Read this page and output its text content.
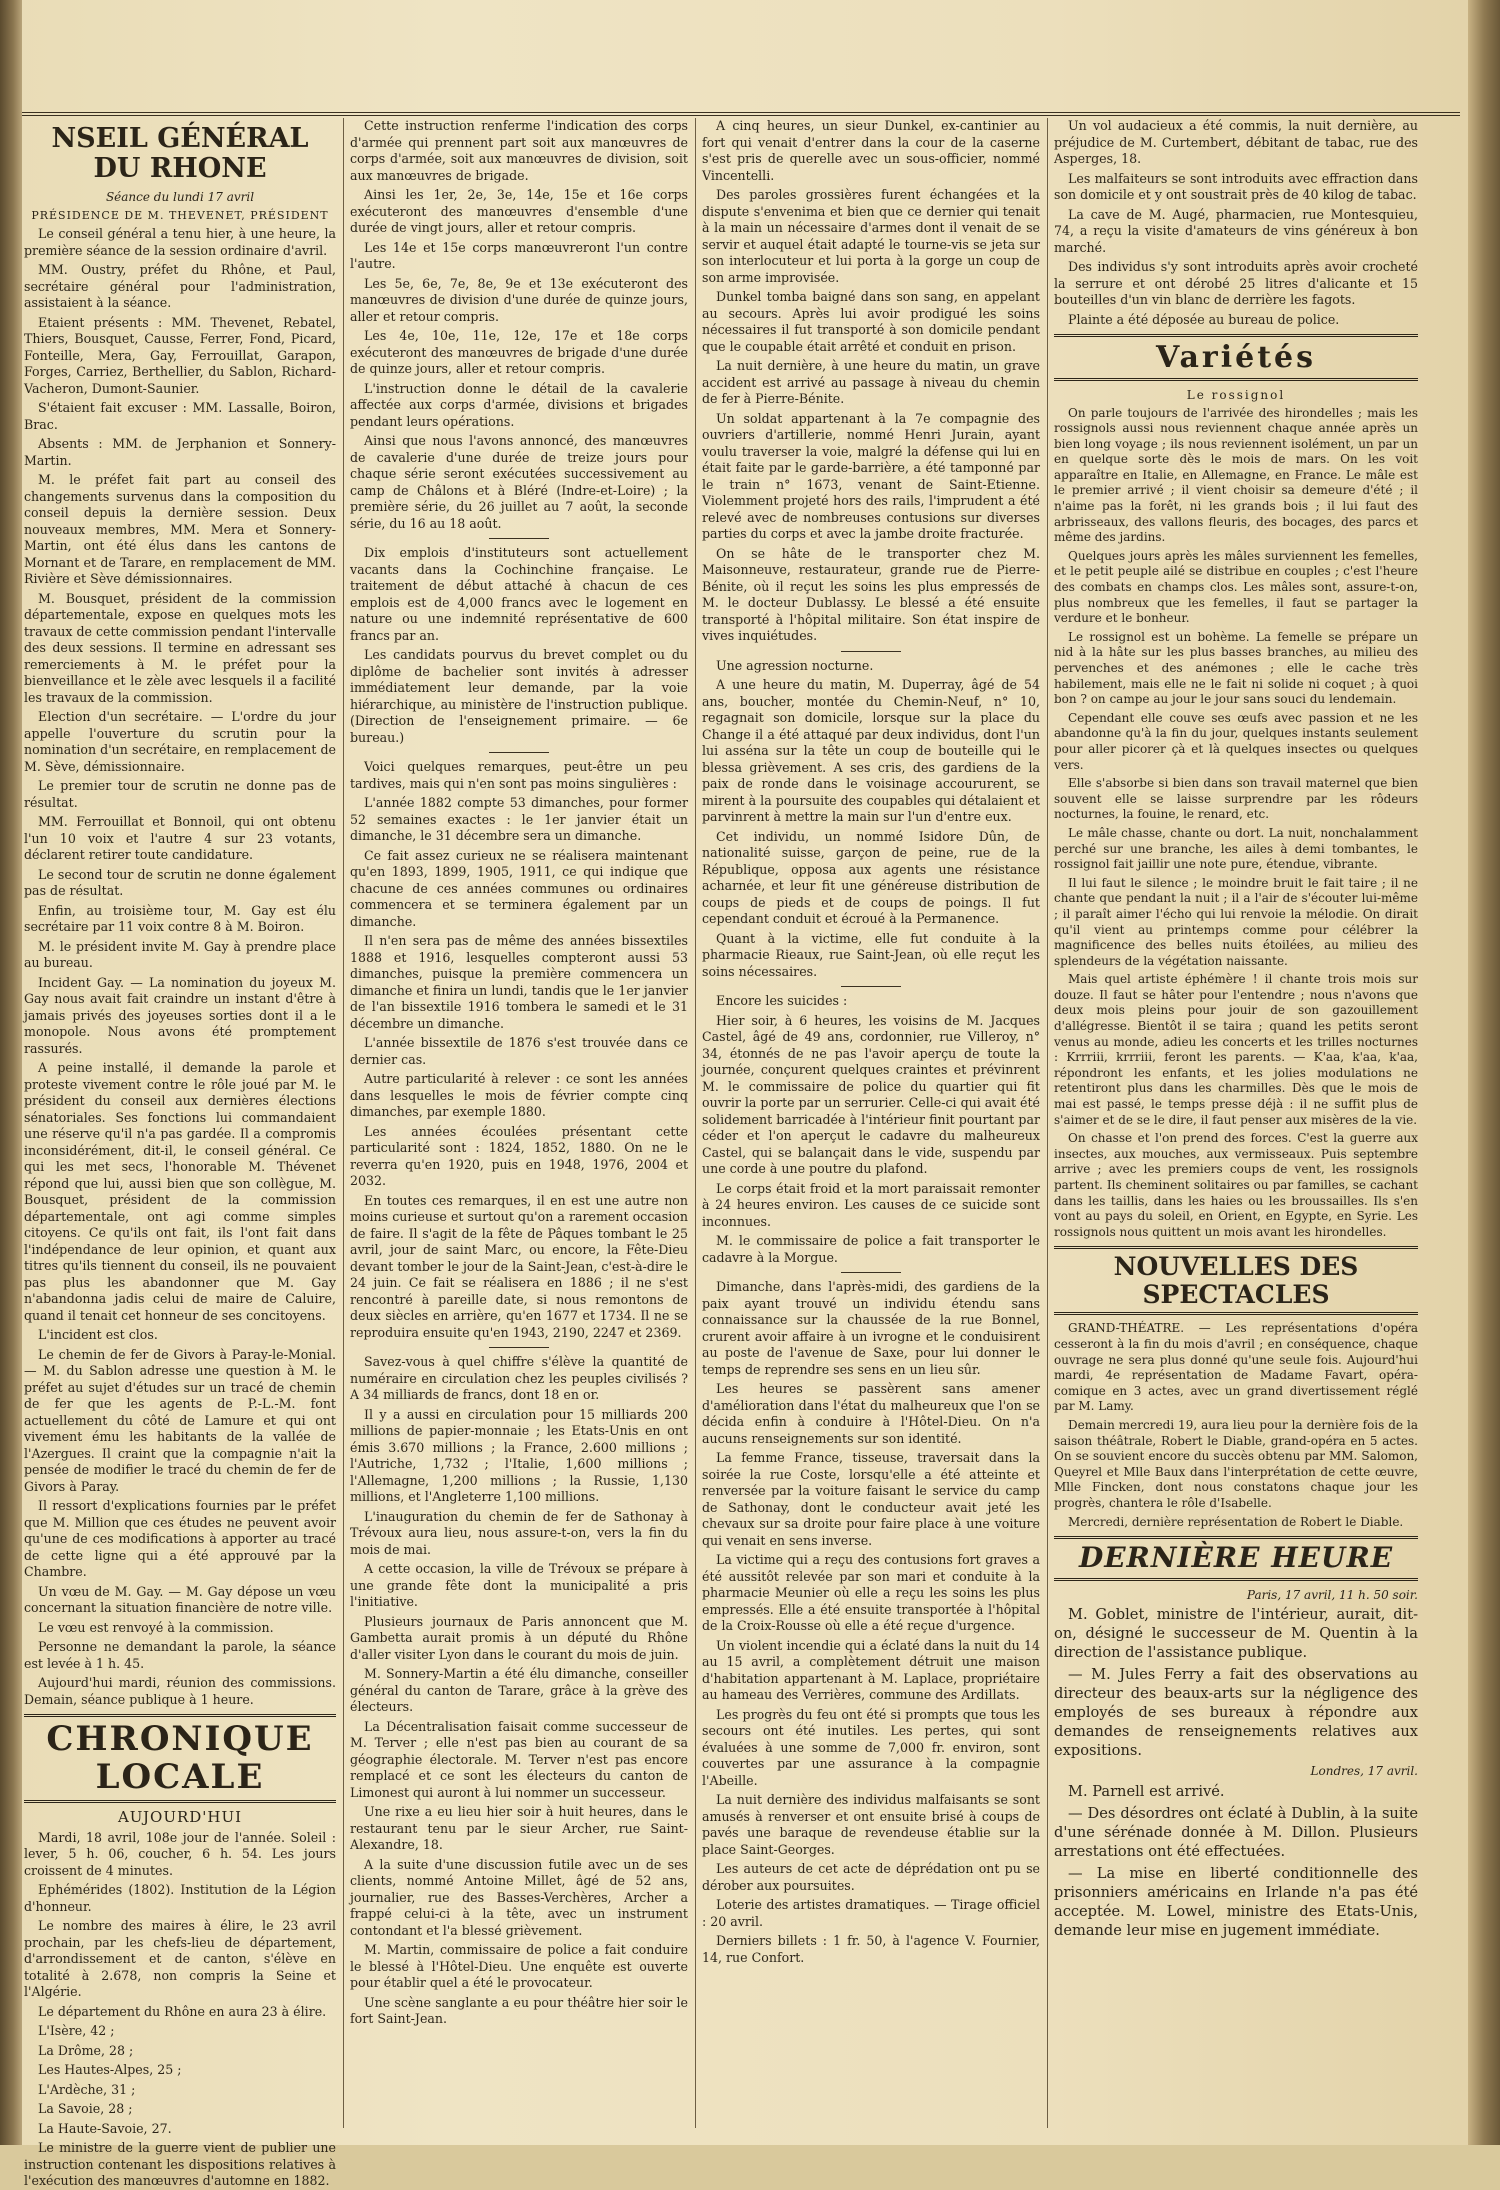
NSEIL GÉNÉRAL DU RHONE
Séance du lundi 17 avril
PRÉSIDENCE DE M. THEVENET, PRÉSIDENT

Le conseil général a tenu hier, à une heure, la première séance de la session ordinaire d'avril.

MM. Oustry, préfet du Rhône, et Paul, secrétaire général pour l'administration, assistaient à la séance.

Etaient présents : MM. Thevenet, Rebatel, Thiers, Bousquet, Causse, Ferrer, Fond, Picard, Fonteille, Mera, Gay, Ferrouillat, Garapon, Forges, Carriez, Berthellier, du Sablon, Richard-Vacheron, Dumont-Saunier.

S'étaient fait excuser : MM. Lassalle, Boiron, Brac.

Absents : MM. de Jerphanion et Sonnery-Martin.

M. le préfet fait part au conseil des changements survenus dans la composition du conseil depuis la dernière session. Deux nouveaux membres, MM. Mera et Sonnery-Martin, ont été élus dans les cantons de Mornant et de Tarare, en remplacement de MM. Rivière et Sève démissionnaires.

M. Bousquet, président de la commission départementale, expose en quelques mots les travaux de cette commission pendant l'intervalle des deux sessions. Il termine en adressant ses remerciements à M. le préfet pour la bienveillance et le zèle avec lesquels il a facilité les travaux de la commission.

Election d'un secrétaire. — L'ordre du jour appelle l'ouverture du scrutin pour la nomination d'un secrétaire, en remplacement de M. Sève, démissionnaire.

Le premier tour de scrutin ne donne pas de résultat.

MM. Ferrouillat et Bonnoil, qui ont obtenu l'un 10 voix et l'autre 4 sur 23 votants, déclarent retirer toute candidature.

Le second tour de scrutin ne donne également pas de résultat.

Enfin, au troisième tour, M. Gay est élu secrétaire par 11 voix contre 8 à M. Boiron.

M. le président invite M. Gay à prendre place au bureau.

Incident Gay. — La nomination du joyeux M. Gay nous avait fait craindre un instant d'être à jamais privés des joyeuses sorties dont il a le monopole. Nous avons été promptement rassurés.

A peine installé, il demande la parole et proteste vivement contre le rôle joué par M. le président du conseil aux dernières élections sénatoriales. Ses fonctions lui commandaient une réserve qu'il n'a pas gardée. Il a compromis inconsidérément, dit-il, le conseil général. Ce qui les met secs, l'honorable M. Thévenet répond que lui, aussi bien que son collègue, M. Bousquet, président de la commission départementale, ont agi comme simples citoyens. Ce qu'ils ont fait, ils l'ont fait dans l'indépendance de leur opinion, et quant aux titres qu'ils tiennent du conseil, ils ne pouvaient pas plus les abandonner que M. Gay n'abandonna jadis celui de maire de Caluire, quand il tenait cet honneur de ses concitoyens.

L'incident est clos.

Le chemin de fer de Givors à Paray-le-Monial. — M. du Sablon adresse une question à M. le préfet au sujet d'études sur un tracé de chemin de fer que les agents de P.-L.-M. font actuellement du côté de Lamure et qui ont vivement ému les habitants de la vallée de l'Azergues. Il craint que la compagnie n'ait la pensée de modifier le tracé du chemin de fer de Givors à Paray.

Il ressort d'explications fournies par le préfet que M. Million que ces études ne peuvent avoir qu'une de ces modifications à apporter au tracé de cette ligne qui a été approuvé par la Chambre.

Un vœu de M. Gay. — M. Gay dépose un vœu concernant la situation financière de notre ville.

Le vœu est renvoyé à la commission.

Personne ne demandant la parole, la séance est levée à 1 h. 45.

Aujourd'hui mardi, réunion des commissions. Demain, séance publique à 1 heure.

CHRONIQUE LOCALE
AUJOURD'HUI

Mardi, 18 avril, 108e jour de l'année. Soleil : lever, 5 h. 06, coucher, 6 h. 54. Les jours croissent de 4 minutes.

Ephémérides (1802). Institution de la Légion d'honneur.

Le nombre des maires à élire, le 23 avril prochain, par les chefs-lieu de département, d'arrondissement et de canton, s'élève en totalité à 2.678, non compris la Seine et l'Algérie.

Le département du Rhône en aura 23 à élire.

L'Isère, 42 ;

La Drôme, 28 ;

Les Hautes-Alpes, 25 ;

L'Ardèche, 31 ;

La Savoie, 28 ;

La Haute-Savoie, 27.

Le ministre de la guerre vient de publier une instruction contenant les dispositions relatives à l'exécution des manœuvres d'automne en 1882.

Cette instruction renferme l'indication des corps d'armée qui prennent part soit aux manœuvres de corps d'armée, soit aux manœuvres de division, soit aux manœuvres de brigade.

Ainsi les 1er, 2e, 3e, 14e, 15e et 16e corps exécuteront des manœuvres d'ensemble d'une durée de vingt jours, aller et retour compris.

Les 14e et 15e corps manœuvreront l'un contre l'autre.

Les 5e, 6e, 7e, 8e, 9e et 13e exécuteront des manœuvres de division d'une durée de quinze jours, aller et retour compris.

Les 4e, 10e, 11e, 12e, 17e et 18e corps exécuteront des manœuvres de brigade d'une durée de quinze jours, aller et retour compris.

L'instruction donne le détail de la cavalerie affectée aux corps d'armée, divisions et brigades pendant leurs opérations.

Ainsi que nous l'avons annoncé, des manœuvres de cavalerie d'une durée de treize jours pour chaque série seront exécutées successivement au camp de Châlons et à Bléré (Indre-et-Loire) ; la première série, du 26 juillet au 7 août, la seconde série, du 16 au 18 août.

Dix emplois d'instituteurs sont actuellement vacants dans la Cochinchine française. Le traitement de début attaché à chacun de ces emplois est de 4,000 francs avec le logement en nature ou une indemnité représentative de 600 francs par an.

Les candidats pourvus du brevet complet ou du diplôme de bachelier sont invités à adresser immédiatement leur demande, par la voie hiérarchique, au ministère de l'instruction publique. (Direction de l'enseignement primaire. — 6e bureau.)

Voici quelques remarques, peut-être un peu tardives, mais qui n'en sont pas moins singulières :

L'année 1882 compte 53 dimanches, pour former 52 semaines exactes : le 1er janvier était un dimanche, le 31 décembre sera un dimanche.

Ce fait assez curieux ne se réalisera maintenant qu'en 1893, 1899, 1905, 1911, ce qui indique que chacune de ces années communes ou ordinaires commencera et se terminera également par un dimanche.

Il n'en sera pas de même des années bissextiles 1888 et 1916, lesquelles compteront aussi 53 dimanches, puisque la première commencera un dimanche et finira un lundi, tandis que le 1er janvier de l'an bissextile 1916 tombera le samedi et le 31 décembre un dimanche.

L'année bissextile de 1876 s'est trouvée dans ce dernier cas.

Autre particularité à relever : ce sont les années dans lesquelles le mois de février compte cinq dimanches, par exemple 1880.

Les années écoulées présentant cette particularité sont : 1824, 1852, 1880. On ne le reverra qu'en 1920, puis en 1948, 1976, 2004 et 2032.

En toutes ces remarques, il en est une autre non moins curieuse et surtout qu'on a rarement occasion de faire. Il s'agit de la fête de Pâques tombant le 25 avril, jour de saint Marc, ou encore, la Fête-Dieu devant tomber le jour de la Saint-Jean, c'est-à-dire le 24 juin. Ce fait se réalisera en 1886 ; il ne s'est rencontré à pareille date, si nous remontons de deux siècles en arrière, qu'en 1677 et 1734. Il ne se reproduira ensuite qu'en 1943, 2190, 2247 et 2369.

Savez-vous à quel chiffre s'élève la quantité de numéraire en circulation chez les peuples civilisés ? A 34 milliards de francs, dont 18 en or.

Il y a aussi en circulation pour 15 milliards 200 millions de papier-monnaie ; les Etats-Unis en ont émis 3.670 millions ; la France, 2.600 millions ; l'Autriche, 1,732 ; l'Italie, 1,600 millions ; l'Allemagne, 1,200 millions ; la Russie, 1,130 millions, et l'Angleterre 1,100 millions.

L'inauguration du chemin de fer de Sathonay à Trévoux aura lieu, nous assure-t-on, vers la fin du mois de mai.

A cette occasion, la ville de Trévoux se prépare à une grande fête dont la municipalité a pris l'initiative.

Plusieurs journaux de Paris annoncent que M. Gambetta aurait promis à un député du Rhône d'aller visiter Lyon dans le courant du mois de juin.

M. Sonnery-Martin a été élu dimanche, conseiller général du canton de Tarare, grâce à la grève des électeurs.

La Décentralisation faisait comme successeur de M. Terver ; elle n'est pas bien au courant de sa géographie électorale. M. Terver n'est pas encore remplacé et ce sont les électeurs du canton de Limonest qui auront à lui nommer un successeur.

Une rixe a eu lieu hier soir à huit heures, dans le restaurant tenu par le sieur Archer, rue Saint-Alexandre, 18.

A la suite d'une discussion futile avec un de ses clients, nommé Antoine Millet, âgé de 52 ans, journalier, rue des Basses-Verchères, Archer a frappé celui-ci à la tête, avec un instrument contondant et l'a blessé grièvement.

M. Martin, commissaire de police a fait conduire le blessé à l'Hôtel-Dieu. Une enquête est ouverte pour établir quel a été le provocateur.

Une scène sanglante a eu pour théâtre hier soir le fort Saint-Jean.

A cinq heures, un sieur Dunkel, ex-cantinier au fort qui venait d'entrer dans la cour de la caserne s'est pris de querelle avec un sous-officier, nommé Vincentelli.

Des paroles grossières furent échangées et la dispute s'envenima et bien que ce dernier qui tenait à la main un nécessaire d'armes dont il venait de se servir et auquel était adapté le tourne-vis se jeta sur son interlocuteur et lui porta à la gorge un coup de son arme improvisée.

Dunkel tomba baigné dans son sang, en appelant au secours. Après lui avoir prodigué les soins nécessaires il fut transporté à son domicile pendant que le coupable était arrêté et conduit en prison.

La nuit dernière, à une heure du matin, un grave accident est arrivé au passage à niveau du chemin de fer à Pierre-Bénite.

Un soldat appartenant à la 7e compagnie des ouvriers d'artillerie, nommé Henri Jurain, ayant voulu traverser la voie, malgré la défense qui lui en était faite par le garde-barrière, a été tamponné par le train n° 1673, venant de Saint-Etienne. Violemment projeté hors des rails, l'imprudent a été relevé avec de nombreuses contusions sur diverses parties du corps et avec la jambe droite fracturée.

On se hâte de le transporter chez M. Maisonneuve, restaurateur, grande rue de Pierre-Bénite, où il reçut les soins les plus empressés de M. le docteur Dublassy. Le blessé a été ensuite transporté à l'hôpital militaire. Son état inspire de vives inquiétudes.

Une agression nocturne.

A une heure du matin, M. Duperray, âgé de 54 ans, boucher, montée du Chemin-Neuf, n° 10, regagnait son domicile, lorsque sur la place du Change il a été attaqué par deux individus, dont l'un lui asséna sur la tête un coup de bouteille qui le blessa grièvement. A ses cris, des gardiens de la paix de ronde dans le voisinage accoururent, se mirent à la poursuite des coupables qui détalaient et parvinrent à mettre la main sur l'un d'entre eux.

Cet individu, un nommé Isidore Dûn, de nationalité suisse, garçon de peine, rue de la République, opposa aux agents une résistance acharnée, et leur fit une généreuse distribution de coups de pieds et de coups de poings. Il fut cependant conduit et écroué à la Permanence.

Quant à la victime, elle fut conduite à la pharmacie Rieaux, rue Saint-Jean, où elle reçut les soins nécessaires.

Encore les suicides :

Hier soir, à 6 heures, les voisins de M. Jacques Castel, âgé de 49 ans, cordonnier, rue Villeroy, n° 34, étonnés de ne pas l'avoir aperçu de toute la journée, conçurent quelques craintes et prévinrent M. le commissaire de police du quartier qui fit ouvrir la porte par un serrurier. Celle-ci qui avait été solidement barricadée à l'intérieur finit pourtant par céder et l'on aperçut le cadavre du malheureux Castel, qui se balançait dans le vide, suspendu par une corde à une poutre du plafond.

Le corps était froid et la mort paraissait remonter à 24 heures environ. Les causes de ce suicide sont inconnues.

M. le commissaire de police a fait transporter le cadavre à la Morgue.

Dimanche, dans l'après-midi, des gardiens de la paix ayant trouvé un individu étendu sans connaissance sur la chaussée de la rue Bonnel, crurent avoir affaire à un ivrogne et le conduisirent au poste de l'avenue de Saxe, pour lui donner le temps de reprendre ses sens en un lieu sûr.

Les heures se passèrent sans amener d'amélioration dans l'état du malheureux que l'on se décida enfin à conduire à l'Hôtel-Dieu. On n'a aucuns renseignements sur son identité.

La femme France, tisseuse, traversait dans la soirée la rue Coste, lorsqu'elle a été atteinte et renversée par la voiture faisant le service du camp de Sathonay, dont le conducteur avait jeté les chevaux sur sa droite pour faire place à une voiture qui venait en sens inverse.

La victime qui a reçu des contusions fort graves a été aussitôt relevée par son mari et conduite à la pharmacie Meunier où elle a reçu les soins les plus empressés. Elle a été ensuite transportée à l'hôpital de la Croix-Rousse où elle a été reçue d'urgence.

Un violent incendie qui a éclaté dans la nuit du 14 au 15 avril, a complètement détruit une maison d'habitation appartenant à M. Laplace, propriétaire au hameau des Verrières, commune des Ardillats.

Les progrès du feu ont été si prompts que tous les secours ont été inutiles. Les pertes, qui sont évaluées à une somme de 7,000 fr. environ, sont couvertes par une assurance à la compagnie l'Abeille.

La nuit dernière des individus malfaisants se sont amusés à renverser et ont ensuite brisé à coups de pavés une baraque de revendeuse établie sur la place Saint-Georges.

Les auteurs de cet acte de déprédation ont pu se dérober aux poursuites.

Loterie des artistes dramatiques. — Tirage officiel : 20 avril.

Derniers billets : 1 fr. 50, à l'agence V. Fournier, 14, rue Confort.

Un vol audacieux a été commis, la nuit dernière, au préjudice de M. Curtembert, débitant de tabac, rue des Asperges, 18.

Les malfaiteurs se sont introduits avec effraction dans son domicile et y ont soustrait près de 40 kilog de tabac.

La cave de M. Augé, pharmacien, rue Montesquieu, 74, a reçu la visite d'amateurs de vins généreux à bon marché.

Des individus s'y sont introduits après avoir crocheté la serrure et ont dérobé 25 litres d'alicante et 15 bouteilles d'un vin blanc de derrière les fagots.

Plainte a été déposée au bureau de police.

Variétés
Le rossignol

On parle toujours de l'arrivée des hirondelles ; mais les rossignols aussi nous reviennent chaque année après un bien long voyage ; ils nous reviennent isolément, un par un en quelque sorte dès le mois de mars. On les voit apparaître en Italie, en Allemagne, en France. Le mâle est le premier arrivé ; il vient choisir sa demeure d'été ; il n'aime pas la forêt, ni les grands bois ; il lui faut des arbrisseaux, des vallons fleuris, des bocages, des parcs et même des jardins.

Quelques jours après les mâles surviennent les femelles, et le petit peuple ailé se distribue en couples ; c'est l'heure des combats en champs clos. Les mâles sont, assure-t-on, plus nombreux que les femelles, il faut se partager la verdure et le bonheur.

Le rossignol est un bohème. La femelle se prépare un nid à la hâte sur les plus basses branches, au milieu des pervenches et des anémones ; elle le cache très habilement, mais elle ne le fait ni solide ni coquet ; à quoi bon ? on campe au jour le jour sans souci du lendemain.

Cependant elle couve ses œufs avec passion et ne les abandonne qu'à la fin du jour, quelques instants seulement pour aller picorer çà et là quelques insectes ou quelques vers.

Elle s'absorbe si bien dans son travail maternel que bien souvent elle se laisse surprendre par les rôdeurs nocturnes, la fouine, le renard, etc.

Le mâle chasse, chante ou dort. La nuit, nonchalamment perché sur une branche, les ailes à demi tombantes, le rossignol fait jaillir une note pure, étendue, vibrante.

Il lui faut le silence ; le moindre bruit le fait taire ; il ne chante que pendant la nuit ; il a l'air de s'écouter lui-même ; il paraît aimer l'écho qui lui renvoie la mélodie. On dirait qu'il vient au printemps comme pour célébrer la magnificence des belles nuits étoilées, au milieu des splendeurs de la végétation naissante.

Mais quel artiste éphémère ! il chante trois mois sur douze. Il faut se hâter pour l'entendre ; nous n'avons que deux mois pleins pour jouir de son gazouillement d'allégresse. Bientôt il se taira ; quand les petits seront venus au monde, adieu les concerts et les trilles nocturnes : Krrriii, krrriii, feront les parents. — K'aa, k'aa, k'aa, répondront les enfants, et les jolies modulations ne retentiront plus dans les charmilles. Dès que le mois de mai est passé, le temps presse déjà : il ne suffit plus de s'aimer et de se le dire, il faut penser aux misères de la vie.

On chasse et l'on prend des forces. C'est la guerre aux insectes, aux mouches, aux vermisseaux. Puis septembre arrive ; avec les premiers coups de vent, les rossignols partent. Ils cheminent solitaires ou par familles, se cachant dans les taillis, dans les haies ou les broussailles. Ils s'en vont au pays du soleil, en Orient, en Egypte, en Syrie. Les rossignols nous quittent un mois avant les hirondelles.

NOUVELLES DES SPECTACLES

GRAND-THÉATRE. — Les représentations d'opéra cesseront à la fin du mois d'avril ; en conséquence, chaque ouvrage ne sera plus donné qu'une seule fois. Aujourd'hui mardi, 4e représentation de Madame Favart, opéra-comique en 3 actes, avec un grand divertissement réglé par M. Lamy.

Demain mercredi 19, aura lieu pour la dernière fois de la saison théâtrale, Robert le Diable, grand-opéra en 5 actes. On se souvient encore du succès obtenu par MM. Salomon, Queyrel et Mlle Baux dans l'interprétation de cette œuvre, Mlle Fincken, dont nous constatons chaque jour les progrès, chantera le rôle d'Isabelle.

Mercredi, dernière représentation de Robert le Diable.

DERNIÈRE HEURE
Paris, 17 avril, 11 h. 50 soir.

M. Goblet, ministre de l'intérieur, aurait, dit-on, désigné le successeur de M. Quentin à la direction de l'assistance publique.

— M. Jules Ferry a fait des observations au directeur des beaux-arts sur la négligence des employés de ses bureaux à répondre aux demandes de renseignements relatives aux expositions.

Londres, 17 avril.

M. Parnell est arrivé.

— Des désordres ont éclaté à Dublin, à la suite d'une sérénade donnée à M. Dillon. Plusieurs arrestations ont été effectuées.

— La mise en liberté conditionnelle des prisonniers américains en Irlande n'a pas été acceptée. M. Lowel, ministre des Etats-Unis, demande leur mise en jugement immédiate.
